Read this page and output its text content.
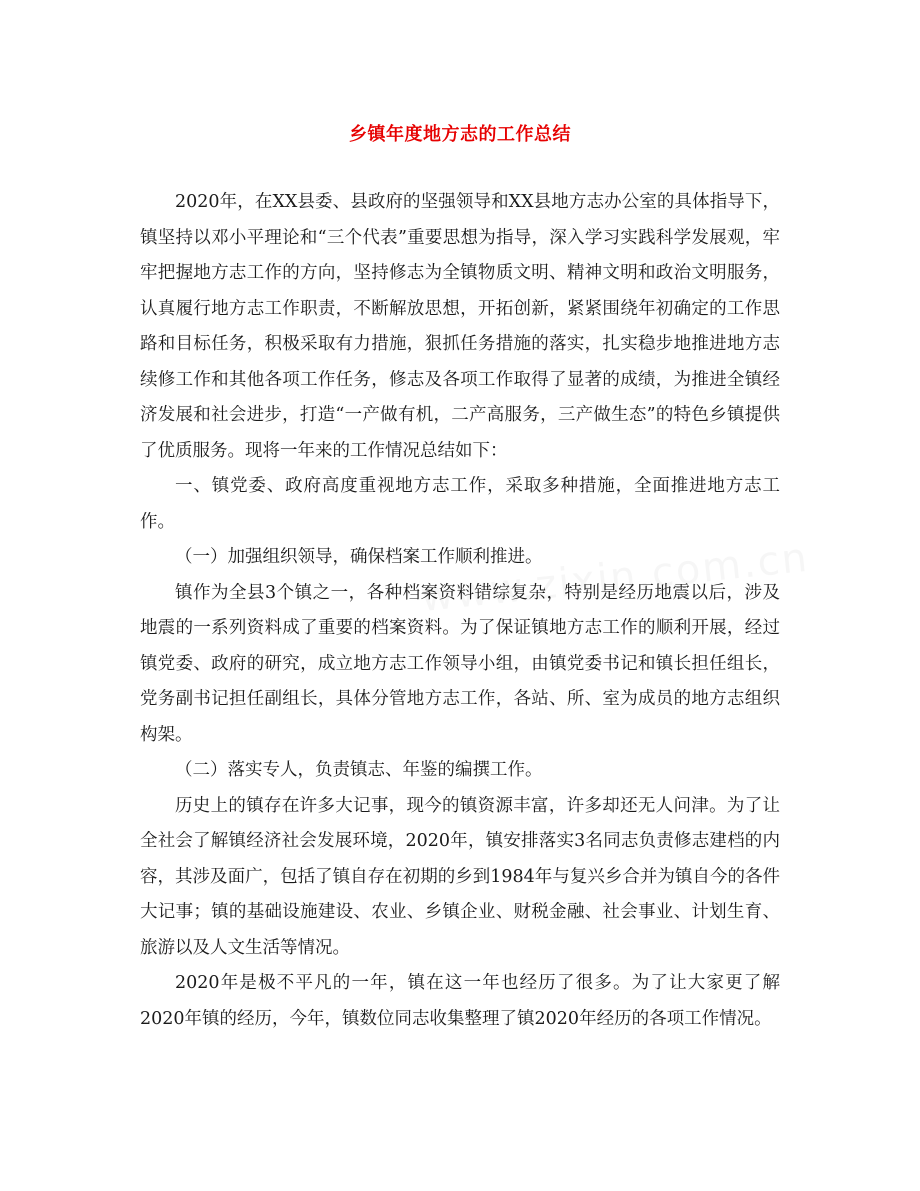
乡镇年度地方志的工作总结

2020年，在XX县委、县政府的坚强领导和XX县地方志办公室的具体指导下，镇坚持以邓小平理论和“三个代表”重要思想为指导，深入学习实践科学发展观，牢牢把握地方志工作的方向，坚持修志为全镇物质文明、精神文明和政治文明服务，认真履行地方志工作职责，不断解放思想，开拓创新，紧紧围绕年初确定的工作思路和目标任务，积极采取有力措施，狠抓任务措施的落实，扎实稳步地推进地方志续修工作和其他各项工作任务，修志及各项工作取得了显著的成绩，为推进全镇经济发展和社会进步，打造“一产做有机，二产高服务，三产做生态”的特色乡镇提供了优质服务。现将一年来的工作情况总结如下：

一、镇党委、政府高度重视地方志工作，采取多种措施，全面推进地方志工作。

（一）加强组织领导，确保档案工作顺利推进。

镇作为全县3个镇之一，各种档案资料错综复杂，特别是经历地震以后，涉及地震的一系列资料成了重要的档案资料。为了保证镇地方志工作的顺利开展，经过镇党委、政府的研究，成立地方志工作领导小组，由镇党委书记和镇长担任组长，党务副书记担任副组长，具体分管地方志工作，各站、所、室为成员的地方志组织构架。

（二）落实专人，负责镇志、年鉴的编撰工作。

历史上的镇存在许多大记事，现今的镇资源丰富，许多却还无人问津。为了让全社会了解镇经济社会发展环境，2020年，镇安排落实3名同志负责修志建档的内容，其涉及面广，包括了镇自存在初期的乡到1984年与复兴乡合并为镇自今的各件大记事；镇的基础设施建设、农业、乡镇企业、财税金融、社会事业、计划生育、旅游以及人文生活等情况。

2020年是极不平凡的一年，镇在这一年也经历了很多。为了让大家更了解2020年镇的经历，今年，镇数位同志收集整理了镇2020年经历的各项工作情况。
